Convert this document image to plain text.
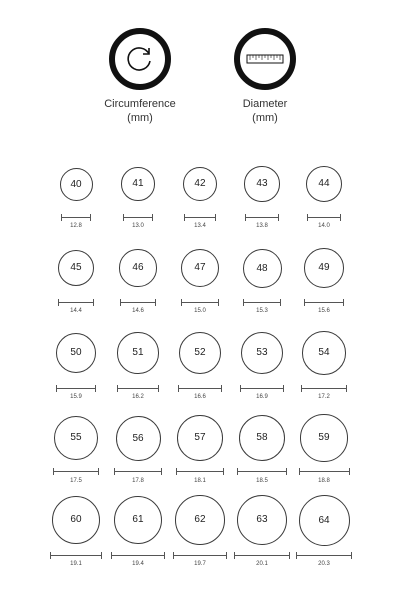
Circumference
(mm)
Diameter
(mm)
40
12.8
41
13.0
42
13.4
43
13.8
44
14.0
45
14.4
46
14.6
47
15.0
48
15.3
49
15.6
50
15.9
51
16.2
52
16.6
53
16.9
54
17.2
55
17.5
56
17.8
57
18.1
58
18.5
59
18.8
60
19.1
61
19.4
62
19.7
63
20.1
64
20.3
